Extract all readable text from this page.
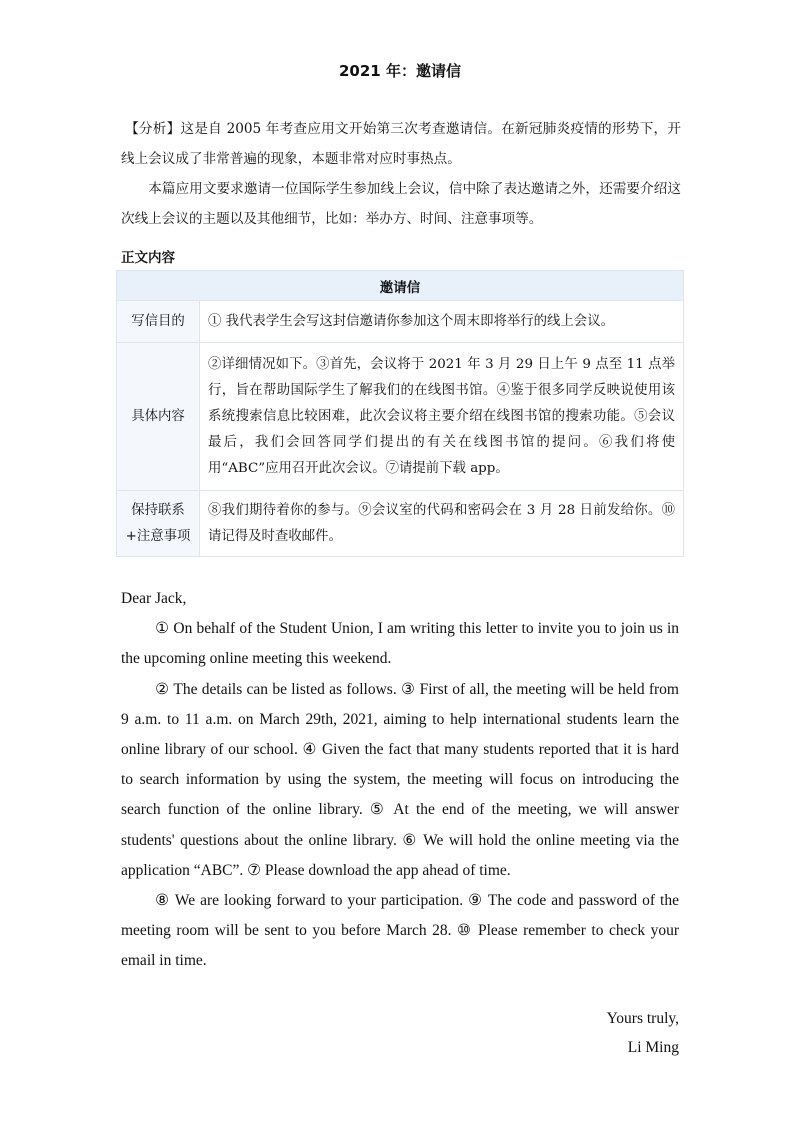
2021 年：邀请信

【分析】这是自 2005 年考查应用文开始第三次考查邀请信。在新冠肺炎疫情的形势下，开线上会议成了非常普遍的现象，本题非常对应时事热点。

本篇应用文要求邀请一位国际学生参加线上会议，信中除了表达邀请之外，还需要介绍这次线上会议的主题以及其他细节，比如：举办方、时间、注意事项等。

正文内容
邀请信	
写信目的	① 我代表学生会写这封信邀请你参加这个周末即将举行的线上会议。
具体内容	②详细情况如下。③首先，会议将于 2021 年 3 月 29 日上午 9 点至 11 点举行，旨在帮助国际学生了解我们的在线图书馆。④鉴于很多同学反映说使用该系统搜索信息比较困难，此次会议将主要介绍在线图书馆的搜索功能。⑤会议最后，我们会回答同学们提出的有关在线图书馆的提问。⑥我们将使用“ABC”应用召开此次会议。⑦请提前下载 app。

保持联系
+注意事项	⑧我们期待着你的参与。⑨会议室的代码和密码会在 3 月 28 日前发给你。⑩请记得及时查收邮件。

Dear Jack,

① On behalf of the Student Union, I am writing this letter to invite you to join us in the upcoming online meeting this weekend.

② The details can be listed as follows. ③ First of all, the meeting will be held from 9 a.m. to 11 a.m. on March 29th, 2021, aiming to help international students learn the online library of our school. ④ Given the fact that many students reported that it is hard to search information by using the system, the meeting will focus on introducing the search function of the online library. ⑤ At the end of the meeting, we will answer students' questions about the online library. ⑥ We will hold the online meeting via the application “ABC”. ⑦ Please download the app ahead of time.

⑧ We are looking forward to your participation. ⑨ The code and password of the meeting room will be sent to you before March 28. ⑩ Please remember to check your email in time.

Yours truly,
Li Ming
